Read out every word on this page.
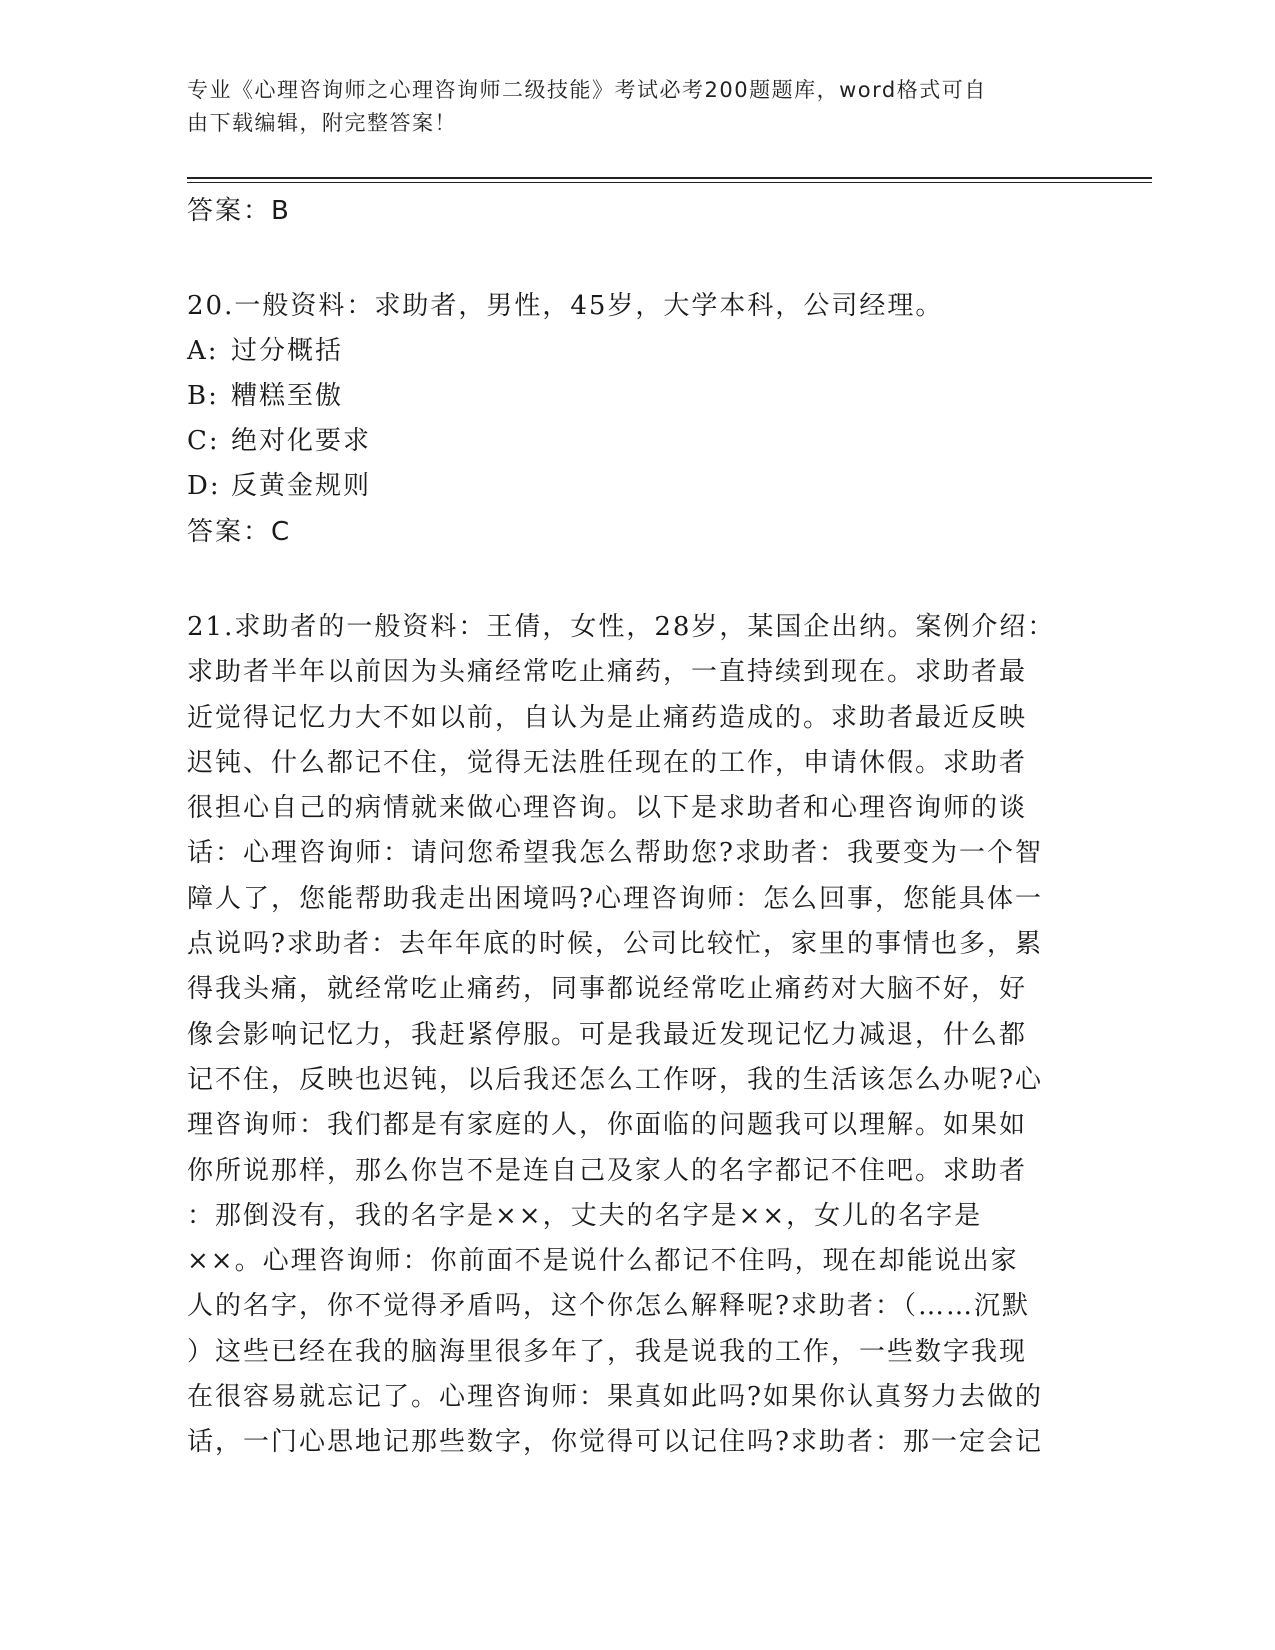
专业《心理咨询师之心理咨询师二级技能》考试必考200题题库，word格式可自
由下载编辑，附完整答案！
答案：B
20.一般资料：求助者，男性，45岁，大学本科，公司经理。
A: 过分概括
B: 糟糕至傲
C: 绝对化要求
D: 反黄金规则
答案：C
21.求助者的一般资料：王倩，女性，28岁，某国企出纳。案例介绍：
求助者半年以前因为头痛经常吃止痛药，一直持续到现在。求助者最
近觉得记忆力大不如以前，自认为是止痛药造成的。求助者最近反映
迟钝、什么都记不住，觉得无法胜任现在的工作，申请休假。求助者
很担心自己的病情就来做心理咨询。以下是求助者和心理咨询师的谈
话：心理咨询师：请问您希望我怎么帮助您?求助者：我要变为一个智
障人了，您能帮助我走出困境吗?心理咨询师：怎么回事，您能具体一
点说吗?求助者：去年年底的时候，公司比较忙，家里的事情也多，累
得我头痛，就经常吃止痛药，同事都说经常吃止痛药对大脑不好，好
像会影响记忆力，我赶紧停服。可是我最近发现记忆力减退，什么都
记不住，反映也迟钝，以后我还怎么工作呀，我的生活该怎么办呢?心
理咨询师：我们都是有家庭的人，你面临的问题我可以理解。如果如
你所说那样，那么你岂不是连自己及家人的名字都记不住吧。求助者
：那倒没有，我的名字是××，丈夫的名字是××，女儿的名字是
××。心理咨询师：你前面不是说什么都记不住吗，现在却能说出家
人的名字，你不觉得矛盾吗，这个你怎么解释呢?求助者：（……沉默
）这些已经在我的脑海里很多年了，我是说我的工作，一些数字我现
在很容易就忘记了。心理咨询师：果真如此吗?如果你认真努力去做的
话，一门心思地记那些数字，你觉得可以记住吗?求助者：那一定会记
